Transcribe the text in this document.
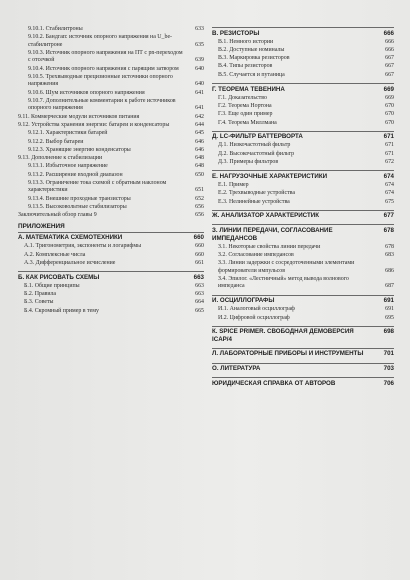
9.10.1. Стабилитроны	633
9.10.2. Бандгап: источник опорного напряжения на U_be-стабилитроне	635
9.10.3. Источник опорного напряжения на ПТ с pn-переходом с отсечкой	639
9.10.4. Источник опорного напряжения с парящим затвором	640
9.10.5. Трехвыводные прецизионные источники опорного напряжения	640
9.10.6. Шум источников опорного напряжения	641
9.10.7. Дополнительные комментарии к работе источников опорного напряжения	641
9.11. Коммерческие модули источников питания	642
9.12. Устройства хранения энергии: батареи и конденсаторы	644
9.12.1. Характеристики батарей	645
9.12.2. Выбор батареи	646
9.12.3. Хранящие энергию конденсаторы	646
9.13. Дополнение к стабилизации	648
9.13.1. Избыточное напряжение	648
9.13.2. Расширение входной диапазон	650
9.13.3. Ограничение тока схемой с обратным наклоном характеристики	651
9.13.4. Внешние проходные транзисторы	652
9.13.5. Высоковольтные стабилизаторы	656
Заключительный обзор главы 9	656
ПРИЛОЖЕНИЯ
А. МАТЕМАТИКА СХЕМОТЕХНИКИ	660
А.1. Тригонометрия, экспоненты и логарифмы	660
А.2. Комплексные числа	660
А.3. Дифференциальное исчисление	661
Б. КАК РИСОВАТЬ СХЕМЫ	663
Б.1. Общие принципы	663
Б.2. Правила	663
Б.3. Советы	664
Б.4. Скромный пример в тему	665
В. РЕЗИСТОРЫ	666
В.1. Немного истории	666
В.2. Доступные номиналы	666
В.3. Маркировка резисторов	667
В.4. Типы резисторов	667
В.5. Случается и путаница	667
Г. ТЕОРЕМА ТЕВЕНИНА	669
Г.1. Доказательство	669
Г.2. Теорема Нортона	670
Г.3. Еще один пример	670
Г.4. Теорема Миллмана	670
Д. LC-ФИЛЬТР БАТТЕРВОРТА	671
Д.1. Низкочастотный фильтр	671
Д.2. Высокочастотный фильтр	671
Д.3. Примеры фильтров	672
Е. НАГРУЗОЧНЫЕ ХАРАКТЕРИСТИКИ	674
Е.1. Пример	674
Е.2. Трехвыводные устройства	674
Е.3. Нелинейные устройства	675
Ж. АНАЛИЗАТОР ХАРАКТЕРИСТИК	677
З. ЛИНИИ ПЕРЕДАЧИ, СОГЛАСОВАНИЕ ИМПЕДАНСОВ
678
З.1. Некоторые свойства линии передачи	678
З.2. Согласование импедансов	683
З.3. Линии задержки с сосредоточенными элементами формирователи импульсов	686
З.4. Эпилог. «Лестничный» метод вывода волнового импеданса	687
И. ОСЦИЛЛОГРАФЫ	691
И.1. Аналоговый осциллограф	691
И.2. Цифровой осциллограф	695
К. SPICE PRIMER. СВОБОДНАЯ ДЕМОВЕРСИЯ ICAP/4
698
Л. ЛАБОРАТОРНЫЕ ПРИБОРЫ И ИНСТРУМЕНТЫ	701
О. ЛИТЕРАТУРА	703
ЮРИДИЧЕСКАЯ СПРАВКА ОТ АВТОРОВ	706
